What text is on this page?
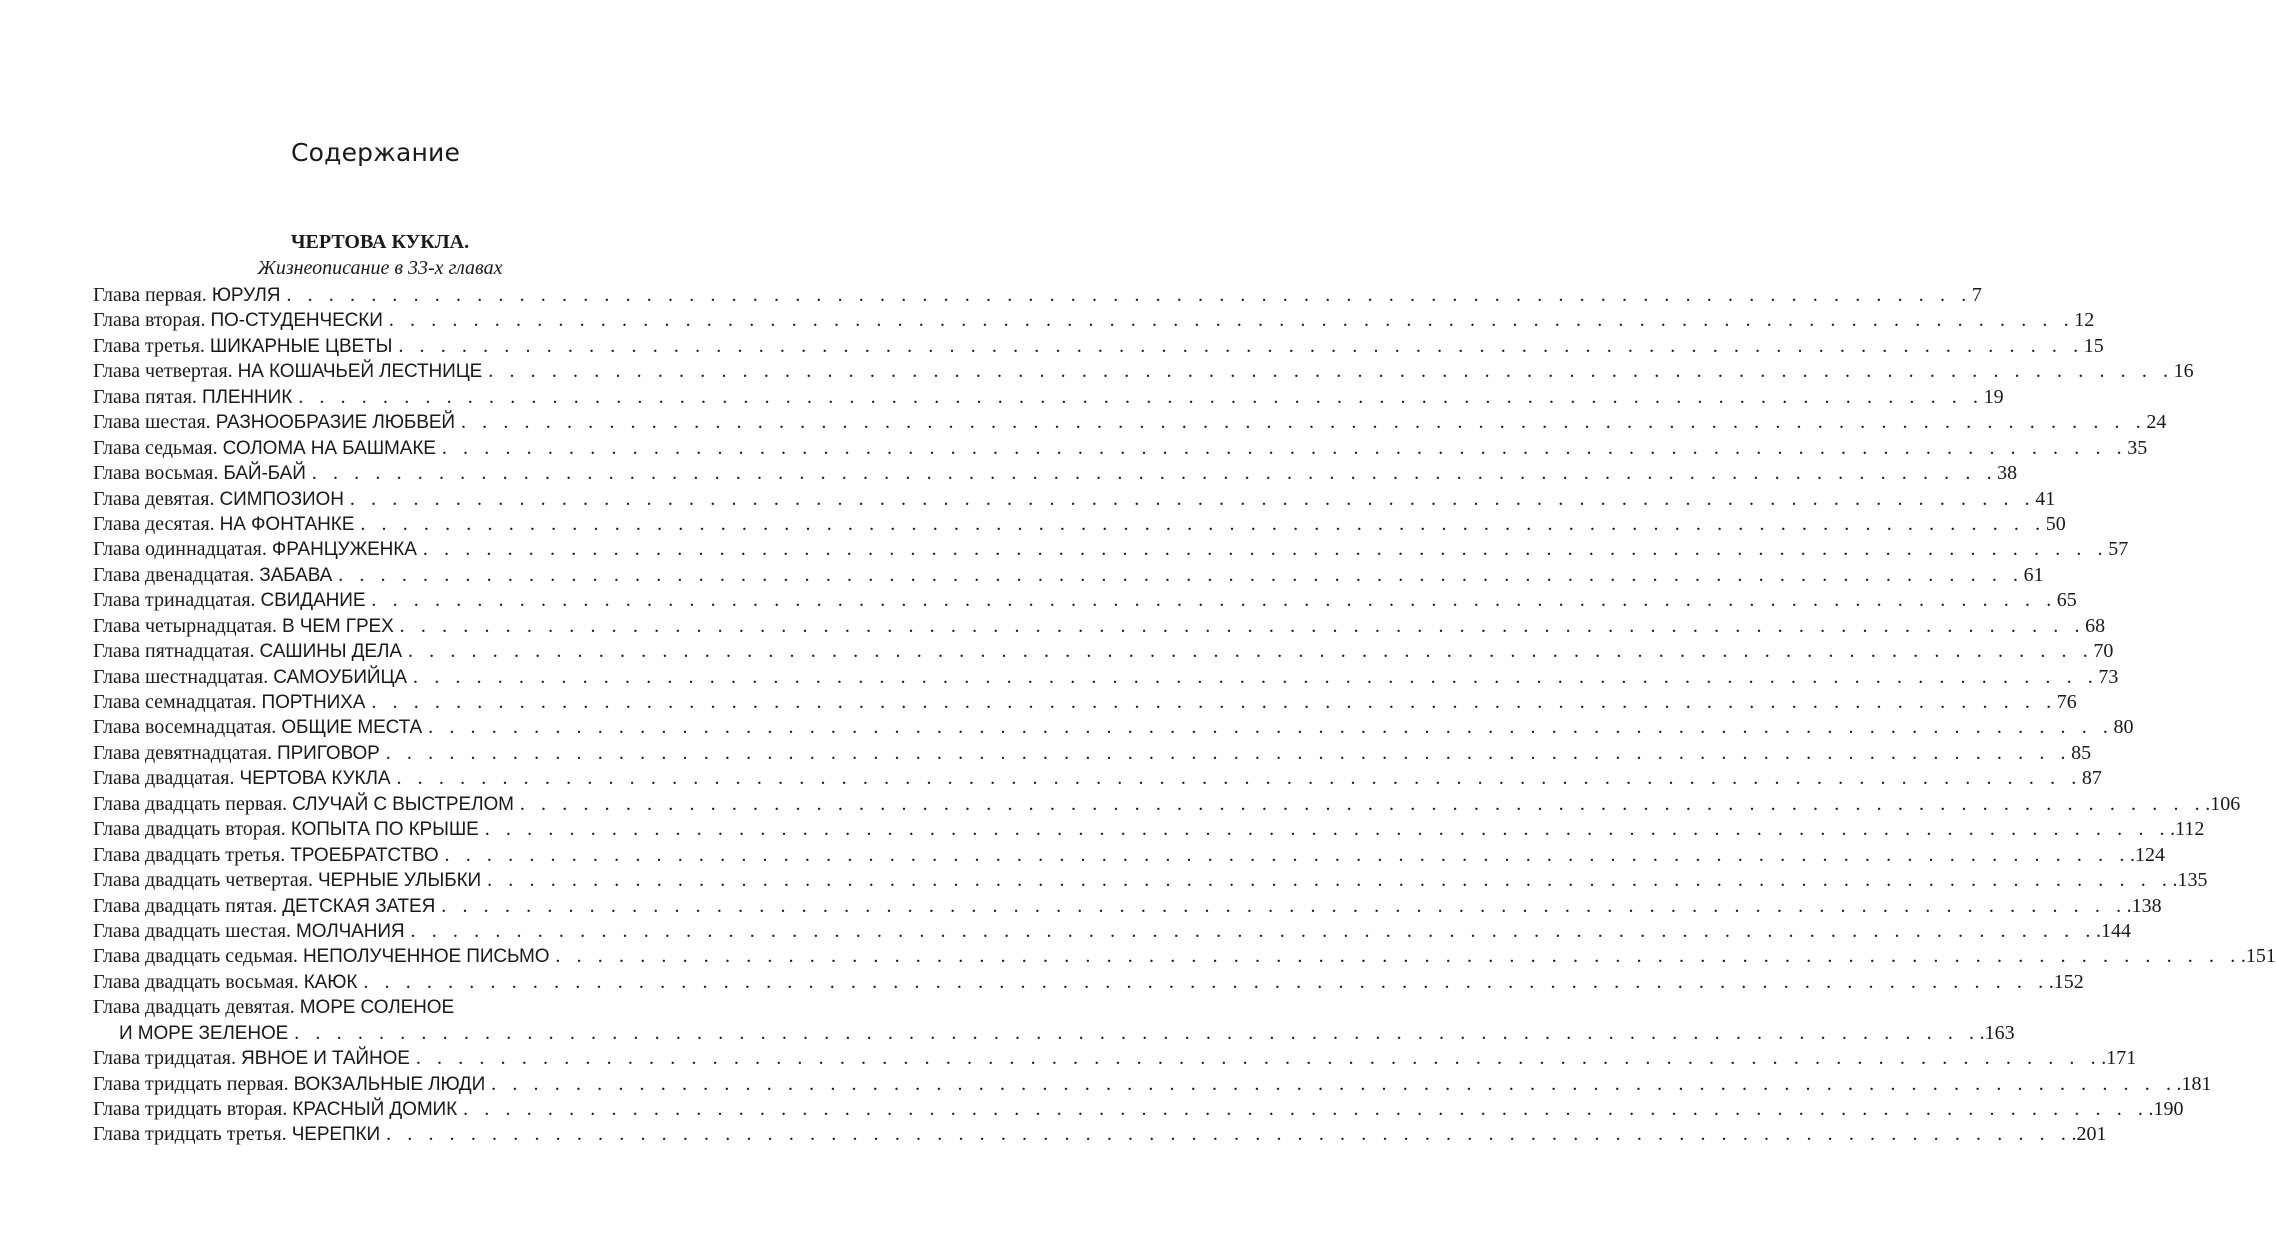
Содержание
ЧЕРТОВА КУКЛА.
Жизнеописание в 33-х главах
Глава первая. ЮРУЛЯ . . . . . . . . . . . . . . . . . . . . . . . . . . . . . . . . . . . . . . . . . . . . . . . . . . . . . . . . . . . . . . . . . . . . . . . . . . . . . . . . 7
Глава вторая. ПО-СТУДЕНЧЕСКИ . . . . . . . . . . . . . . . . . . . . . . . . . . . . . . . . . . . . . . . . . . . . . . . . . . . . . . . . . . . . . . . . . . . . . . . . . . . . . . . . 12
Глава третья. ШИКАРНЫЕ ЦВЕТЫ . . . . . . . . . . . . . . . . . . . . . . . . . . . . . . . . . . . . . . . . . . . . . . . . . . . . . . . . . . . . . . . . . . . . . . . . . . . . . . . . 15
Глава четвертая. НА КОШАЧЬЕЙ ЛЕСТНИЦЕ . . . . . . . . . . . . . . . . . . . . . . . . . . . . . . . . . . . . . . . . . . . . . . . . . . . . . . . . . . . . . . . . . . . . . . . . . . . . . . . . 16
Глава пятая. ПЛЕННИК . . . . . . . . . . . . . . . . . . . . . . . . . . . . . . . . . . . . . . . . . . . . . . . . . . . . . . . . . . . . . . . . . . . . . . . . . . . . . . . . 19
Глава шестая. РАЗНООБРАЗИЕ ЛЮБВЕЙ . . . . . . . . . . . . . . . . . . . . . . . . . . . . . . . . . . . . . . . . . . . . . . . . . . . . . . . . . . . . . . . . . . . . . . . . . . . . . . . . 24
Глава седьмая. СОЛОМА НА БАШМАКЕ . . . . . . . . . . . . . . . . . . . . . . . . . . . . . . . . . . . . . . . . . . . . . . . . . . . . . . . . . . . . . . . . . . . . . . . . . . . . . . . . 35
Глава восьмая. БАЙ-БАЙ . . . . . . . . . . . . . . . . . . . . . . . . . . . . . . . . . . . . . . . . . . . . . . . . . . . . . . . . . . . . . . . . . . . . . . . . . . . . . . . . 38
Глава девятая. СИМПОЗИОН . . . . . . . . . . . . . . . . . . . . . . . . . . . . . . . . . . . . . . . . . . . . . . . . . . . . . . . . . . . . . . . . . . . . . . . . . . . . . . . . 41
Глава десятая. НА ФОНТАНКЕ . . . . . . . . . . . . . . . . . . . . . . . . . . . . . . . . . . . . . . . . . . . . . . . . . . . . . . . . . . . . . . . . . . . . . . . . . . . . . . . . 50
Глава одиннадцатая. ФРАНЦУЖЕНКА . . . . . . . . . . . . . . . . . . . . . . . . . . . . . . . . . . . . . . . . . . . . . . . . . . . . . . . . . . . . . . . . . . . . . . . . . . . . . . . . 57
Глава двенадцатая. ЗАБАВА . . . . . . . . . . . . . . . . . . . . . . . . . . . . . . . . . . . . . . . . . . . . . . . . . . . . . . . . . . . . . . . . . . . . . . . . . . . . . . . . 61
Глава тринадцатая. СВИДАНИЕ . . . . . . . . . . . . . . . . . . . . . . . . . . . . . . . . . . . . . . . . . . . . . . . . . . . . . . . . . . . . . . . . . . . . . . . . . . . . . . . . 65
Глава четырнадцатая. В ЧЕМ ГРЕХ . . . . . . . . . . . . . . . . . . . . . . . . . . . . . . . . . . . . . . . . . . . . . . . . . . . . . . . . . . . . . . . . . . . . . . . . . . . . . . . . 68
Глава пятнадцатая. САШИНЫ ДЕЛА . . . . . . . . . . . . . . . . . . . . . . . . . . . . . . . . . . . . . . . . . . . . . . . . . . . . . . . . . . . . . . . . . . . . . . . . . . . . . . . . 70
Глава шестнадцатая. САМОУБИЙЦА . . . . . . . . . . . . . . . . . . . . . . . . . . . . . . . . . . . . . . . . . . . . . . . . . . . . . . . . . . . . . . . . . . . . . . . . . . . . . . . . 73
Глава семнадцатая. ПОРТНИХА . . . . . . . . . . . . . . . . . . . . . . . . . . . . . . . . . . . . . . . . . . . . . . . . . . . . . . . . . . . . . . . . . . . . . . . . . . . . . . . . 76
Глава восемнадцатая. ОБЩИЕ МЕСТА . . . . . . . . . . . . . . . . . . . . . . . . . . . . . . . . . . . . . . . . . . . . . . . . . . . . . . . . . . . . . . . . . . . . . . . . . . . . . . . . 80
Глава девятнадцатая. ПРИГОВОР . . . . . . . . . . . . . . . . . . . . . . . . . . . . . . . . . . . . . . . . . . . . . . . . . . . . . . . . . . . . . . . . . . . . . . . . . . . . . . . . 85
Глава двадцатая. ЧЕРТОВА КУКЛА . . . . . . . . . . . . . . . . . . . . . . . . . . . . . . . . . . . . . . . . . . . . . . . . . . . . . . . . . . . . . . . . . . . . . . . . . . . . . . . . 87
Глава двадцать первая. СЛУЧАЙ С ВЫСТРЕЛОМ . . . . . . . . . . . . . . . . . . . . . . . . . . . . . . . . . . . . . . . . . . . . . . . . . . . . . . . . . . . . . . . . . . . . . . . . . . . . . . . . .106
Глава двадцать вторая. КОПЫТА ПО КРЫШЕ . . . . . . . . . . . . . . . . . . . . . . . . . . . . . . . . . . . . . . . . . . . . . . . . . . . . . . . . . . . . . . . . . . . . . . . . . . . . . . . . .112
Глава двадцать третья. ТРОЕБРАТСТВО . . . . . . . . . . . . . . . . . . . . . . . . . . . . . . . . . . . . . . . . . . . . . . . . . . . . . . . . . . . . . . . . . . . . . . . . . . . . . . . . .124
Глава двадцать четвертая. ЧЕРНЫЕ УЛЫБКИ . . . . . . . . . . . . . . . . . . . . . . . . . . . . . . . . . . . . . . . . . . . . . . . . . . . . . . . . . . . . . . . . . . . . . . . . . . . . . . . . .135
Глава двадцать пятая. ДЕТСКАЯ ЗАТЕЯ . . . . . . . . . . . . . . . . . . . . . . . . . . . . . . . . . . . . . . . . . . . . . . . . . . . . . . . . . . . . . . . . . . . . . . . . . . . . . . . . .138
Глава двадцать шестая. МОЛЧАНИЯ . . . . . . . . . . . . . . . . . . . . . . . . . . . . . . . . . . . . . . . . . . . . . . . . . . . . . . . . . . . . . . . . . . . . . . . . . . . . . . . . .144
Глава двадцать седьмая. НЕПОЛУЧЕННОЕ ПИСЬМО . . . . . . . . . . . . . . . . . . . . . . . . . . . . . . . . . . . . . . . . . . . . . . . . . . . . . . . . . . . . . . . . . . . . . . . . . . . . . . . . .151
Глава двадцать восьмая. КАЮК . . . . . . . . . . . . . . . . . . . . . . . . . . . . . . . . . . . . . . . . . . . . . . . . . . . . . . . . . . . . . . . . . . . . . . . . . . . . . . . . .152
Глава двадцать девятая. МОРЕ СОЛЕНОЕ
И МОРЕ ЗЕЛЕНОЕ . . . . . . . . . . . . . . . . . . . . . . . . . . . . . . . . . . . . . . . . . . . . . . . . . . . . . . . . . . . . . . . . . . . . . . . . . . . . . . . . .163
Глава тридцатая. ЯВНОЕ И ТАЙНОЕ . . . . . . . . . . . . . . . . . . . . . . . . . . . . . . . . . . . . . . . . . . . . . . . . . . . . . . . . . . . . . . . . . . . . . . . . . . . . . . . . .171
Глава тридцать первая. ВОКЗАЛЬНЫЕ ЛЮДИ . . . . . . . . . . . . . . . . . . . . . . . . . . . . . . . . . . . . . . . . . . . . . . . . . . . . . . . . . . . . . . . . . . . . . . . . . . . . . . . . .181
Глава тридцать вторая. КРАСНЫЙ ДОМИК . . . . . . . . . . . . . . . . . . . . . . . . . . . . . . . . . . . . . . . . . . . . . . . . . . . . . . . . . . . . . . . . . . . . . . . . . . . . . . . . .190
Глава тридцать третья. ЧЕРЕПКИ . . . . . . . . . . . . . . . . . . . . . . . . . . . . . . . . . . . . . . . . . . . . . . . . . . . . . . . . . . . . . . . . . . . . . . . . . . . . . . . . .201
